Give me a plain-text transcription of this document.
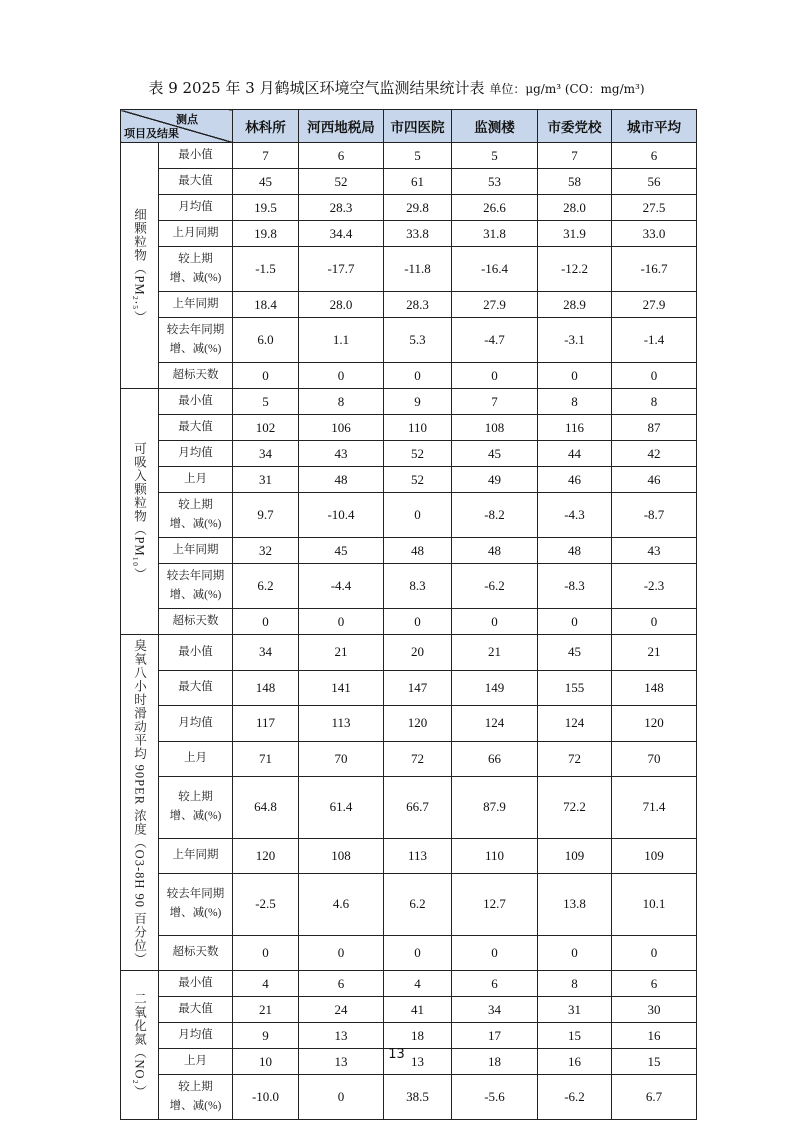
表 9 2025 年 3 月鹤城区环境空气监测结果统计表 单位：μg/m³ (CO：mg/m³)
测点
项目及结果		林科所	河西地税局	市四医院	监测楼	市委党校	城市平均
细颗粒物（PM₂.₅）	最小值	7	6	5	5	7	6
	最大值	45	52	61	53	58	56
	月均值	19.5	28.3	29.8	26.6	28.0	27.5
	上月同期	19.8	34.4	33.8	31.8	31.9	33.0
	较上期
增、减(%)	-1.5	-17.7	-11.8	-16.4	-12.2	-16.7
	上年同期	18.4	28.0	28.3	27.9	28.9	27.9
	较去年同期
增、减(%)	6.0	1.1	5.3	-4.7	-3.1	-1.4
	超标天数	0	0	0	0	0	0
可吸入颗粒物（PM₁₀）	最小值	5	8	9	7	8	8
	最大值	102	106	110	108	116	87
	月均值	34	43	52	45	44	42
	上月	31	48	52	49	46	46
	较上期
增、减(%)	9.7	-10.4	0	-8.2	-4.3	-8.7
	上年同期	32	45	48	48	48	43
	较去年同期
增、减(%)	6.2	-4.4	8.3	-6.2	-8.3	-2.3
	超标天数	0	0	0	0	0	0
臭氧八小时滑动平均 90PER 浓度（O3-8H 90 百分位）	最小值	34	21	20	21	45	21
	最大值	148	141	147	149	155	148
	月均值	117	113	120	124	124	120
	上月	71	70	72	66	72	70
	较上期
增、减(%)	64.8	61.4	66.7	87.9	72.2	71.4
	上年同期	120	108	113	110	109	109
	较去年同期
增、减(%)	-2.5	4.6	6.2	12.7	13.8	10.1
	超标天数	0	0	0	0	0	0
二氧化氮（NO₂）	最小值	4	6	4	6	8	6
	最大值	21	24	41	34	31	30
	月均值	9	13	18	17	15	16
	上月	10	13	13	18	16	15
	较上期
增、减(%)	-10.0	0	38.5	-5.6	-6.2	6.7
13
